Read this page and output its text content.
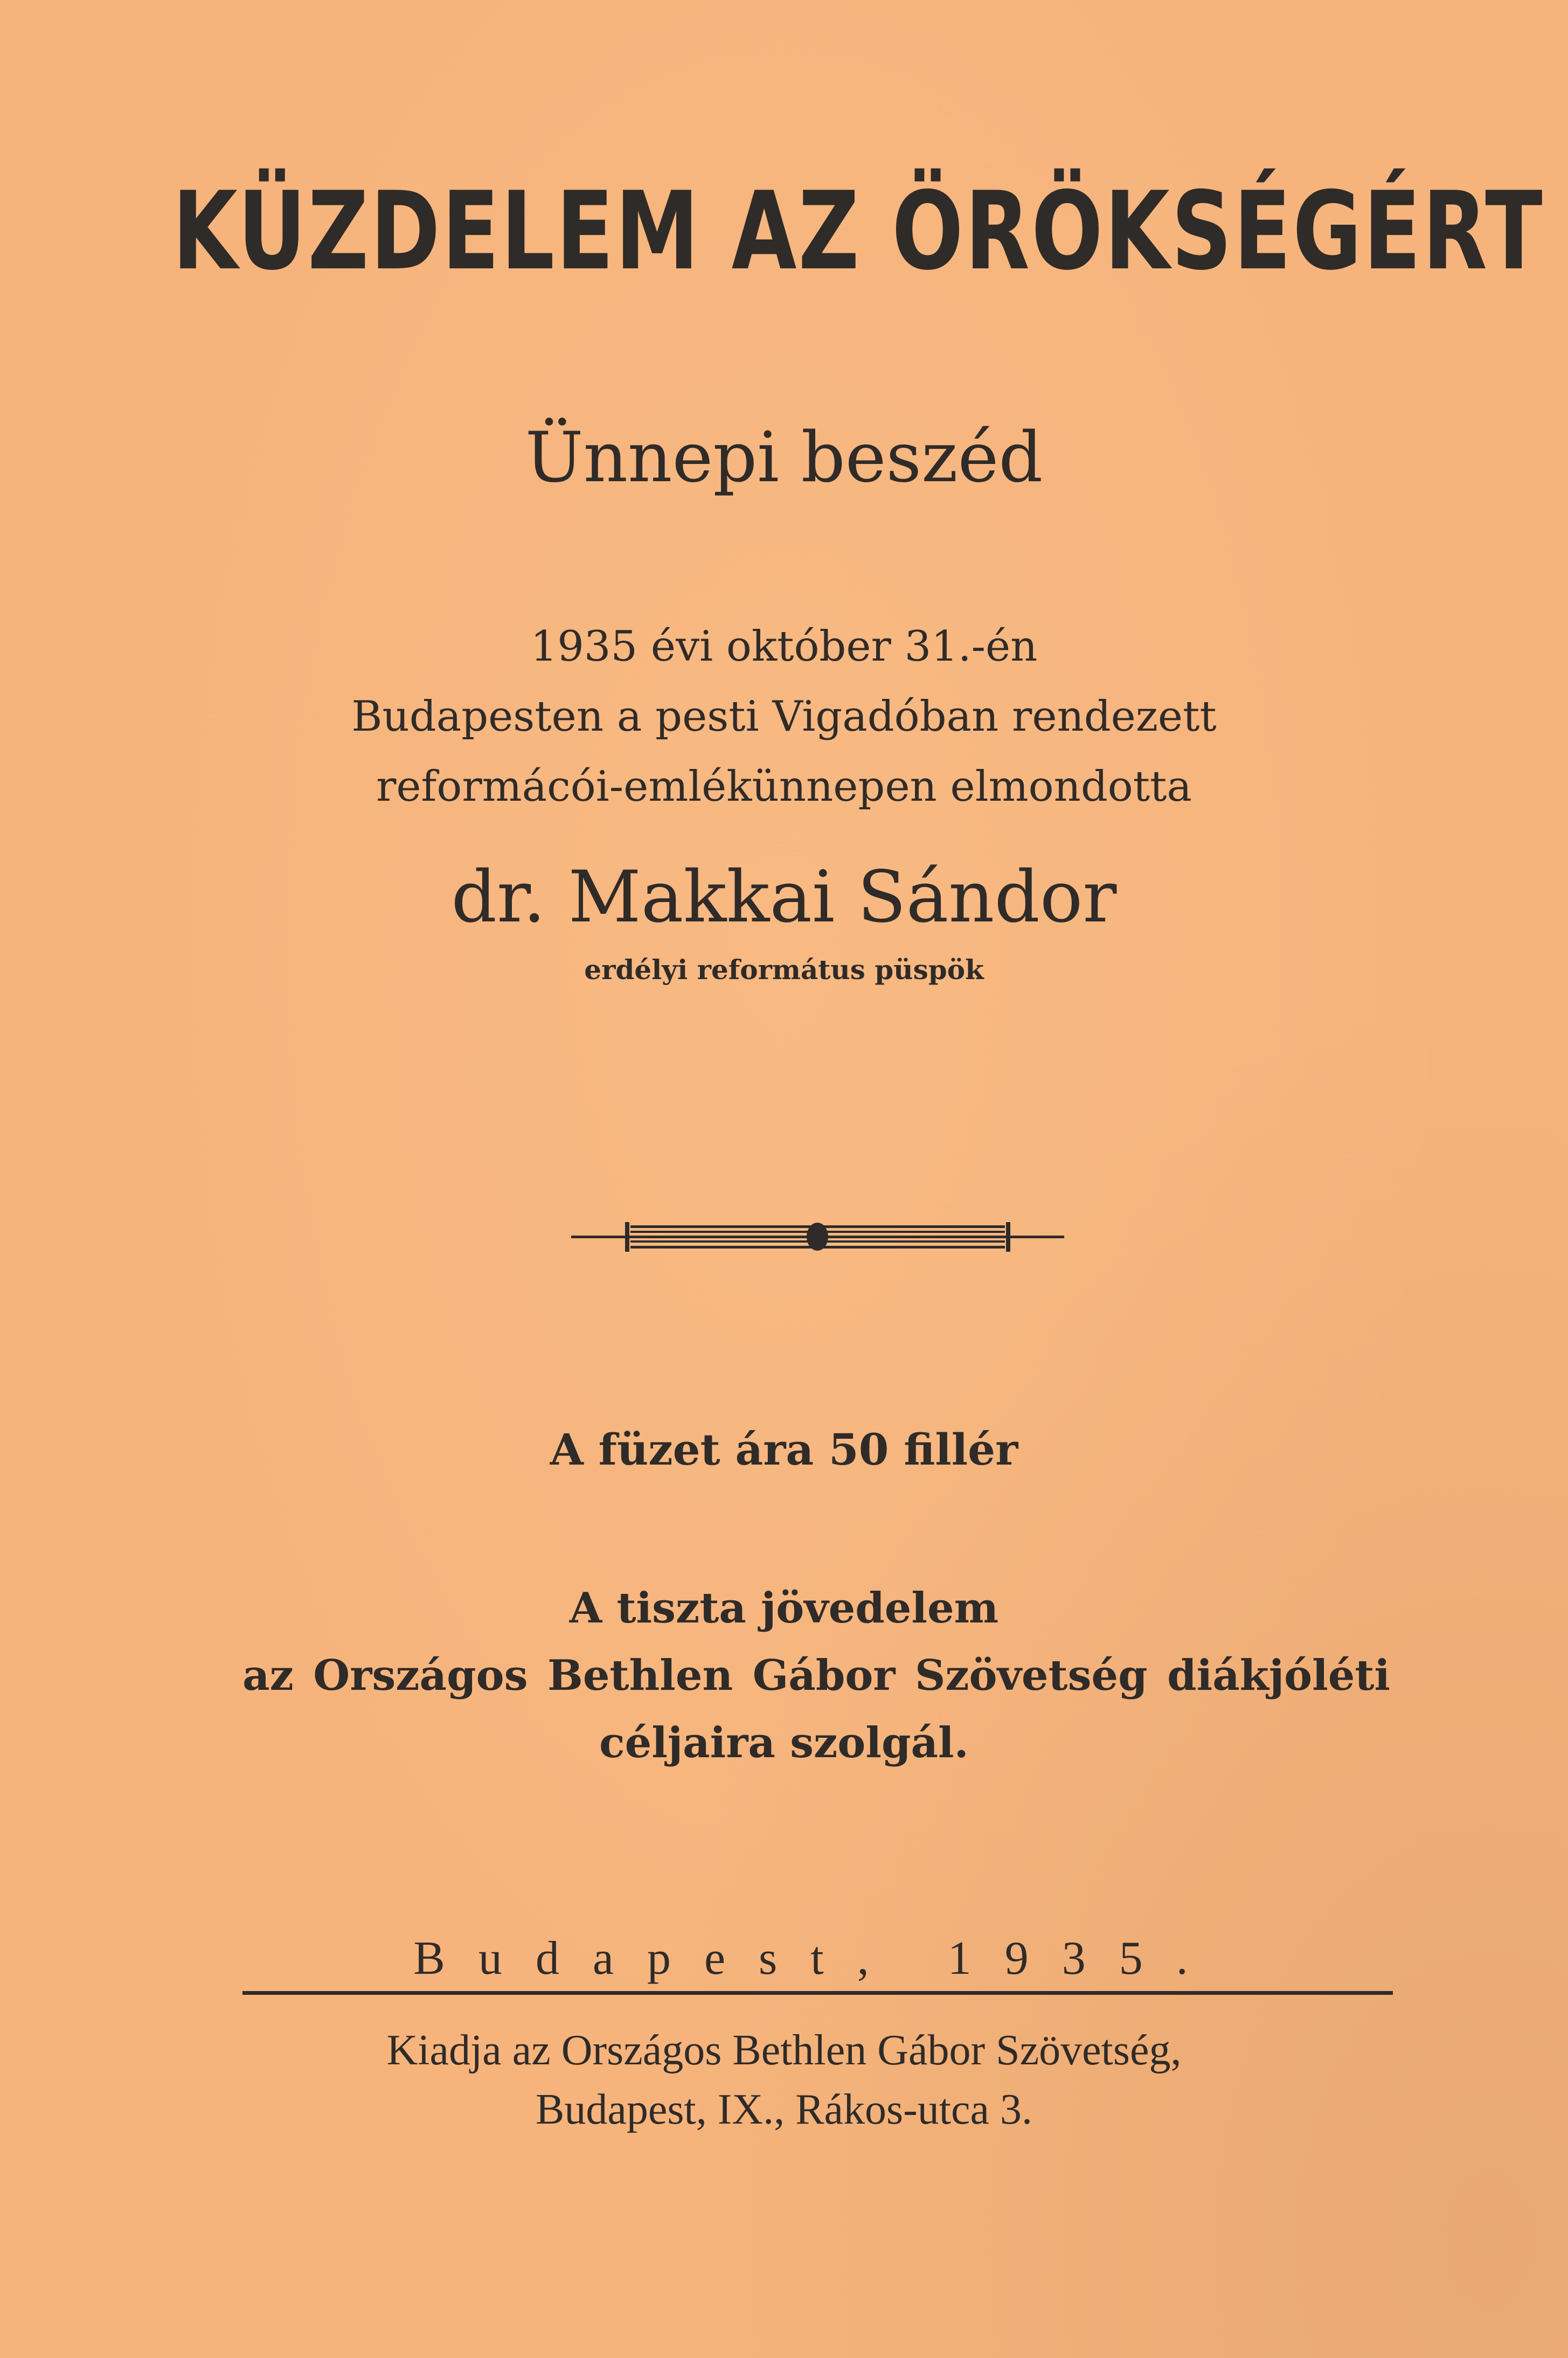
KÜZDELEM AZ ÖRÖKSÉGÉRT
Ünnepi beszéd
1935 évi október 31.-én
Budapesten a pesti Vigadóban rendezett
reformácói-emlékünnepen elmondotta
dr. Makkai Sándor
erdélyi református püspök
A füzet ára 50 fillér
A tiszta jövedelem
az Országos Bethlen Gábor Szövetség diákjóléti
céljaira szolgál.
Budapest, 1935.
Kiadja az Országos Bethlen Gábor Szövetség,
Budapest, IX., Rákos-utca 3.
